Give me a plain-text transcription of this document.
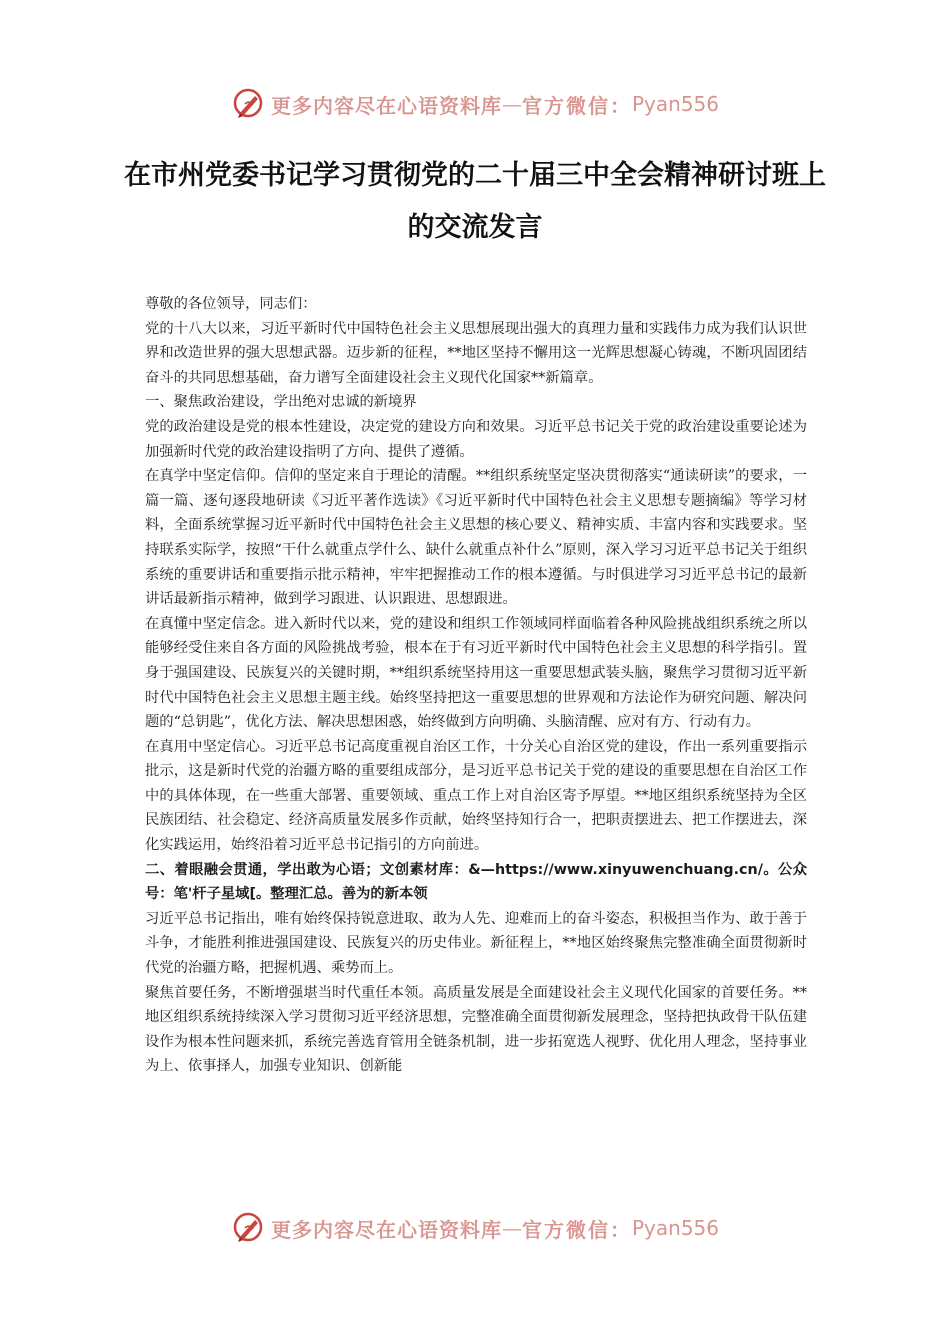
更多内容尽在心语资料库 — 官方微信： Pyan556
在市州党委书记学习贯彻党的二十届三中全会精神研讨班上的交流发言

尊敬的各位领导，同志们：

党的十八大以来，习近平新时代中国特色社会主义思想展现出强大的真理力量和实践伟力成为我们认识世界和改造世界的强大思想武器。迈步新的征程，**地区坚持不懈用这一光辉思想凝心铸魂，不断巩固团结奋斗的共同思想基础，奋力谱写全面建设社会主义现代化国家**新篇章。

一、聚焦政治建设，学出绝对忠诚的新境界

党的政治建设是党的根本性建设，决定党的建设方向和效果。习近平总书记关于党的政治建设重要论述为加强新时代党的政治建设指明了方向、提供了遵循。

在真学中坚定信仰。信仰的坚定来自于理论的清醒。**组织系统坚定坚决贯彻落实“通读研读”的要求，一篇一篇、逐句逐段地研读《习近平著作选读》《习近平新时代中国特色社会主义思想专题摘编》等学习材料，全面系统掌握习近平新时代中国特色社会主义思想的核心要义、精神实质、丰富内容和实践要求。坚持联系实际学，按照“干什么就重点学什么、缺什么就重点补什么”原则，深入学习习近平总书记关于组织系统的重要讲话和重要指示批示精神，牢牢把握推动工作的根本遵循。与时俱进学习习近平总书记的最新讲话最新指示精神，做到学习跟进、认识跟进、思想跟进。

在真懂中坚定信念。进入新时代以来，党的建设和组织工作领域同样面临着各种风险挑战组织系统之所以能够经受住来自各方面的风险挑战考验，根本在于有习近平新时代中国特色社会主义思想的科学指引。置身于强国建设、民族复兴的关键时期，**组织系统坚持用这一重要思想武装头脑，聚焦学习贯彻习近平新时代中国特色社会主义思想主题主线。始终坚持把这一重要思想的世界观和方法论作为研究问题、解决问题的“总钥匙”，优化方法、解决思想困惑，始终做到方向明确、头脑清醒、应对有方、行动有力。

在真用中坚定信心。习近平总书记高度重视自治区工作，十分关心自治区党的建设，作出一系列重要指示批示，这是新时代党的治疆方略的重要组成部分，是习近平总书记关于党的建设的重要思想在自治区工作中的具体体现，在一些重大部署、重要领域、重点工作上对自治区寄予厚望。**地区组织系统坚持为全区民族团结、社会稳定、经济高质量发展多作贡献，始终坚持知行合一，把职责摆进去、把工作摆进去，深化实践运用，始终沿着习近平总书记指引的方向前进。

二、着眼融会贯通，学出敢为心语；文创素材库：&—https://www.xinyuwenchuang.cn/。公众号：笔'杆子星域[。整理汇总。善为的新本领

习近平总书记指出，唯有始终保持锐意进取、敢为人先、迎难而上的奋斗姿态，积极担当作为、敢于善于斗争，才能胜利推进强国建设、民族复兴的历史伟业。新征程上，**地区始终聚焦完整准确全面贯彻新时代党的治疆方略，把握机遇、乘势而上。

聚焦首要任务，不断增强堪当时代重任本领。高质量发展是全面建设社会主义现代化国家的首要任务。**地区组织系统持续深入学习贯彻习近平经济思想，完整准确全面贯彻新发展理念，坚持把执政骨干队伍建设作为根本性问题来抓，系统完善选育管用全链条机制，进一步拓宽选人视野、优化用人理念，坚持事业为上、依事择人，加强专业知识、创新能

更多内容尽在心语资料库 — 官方微信： Pyan556
